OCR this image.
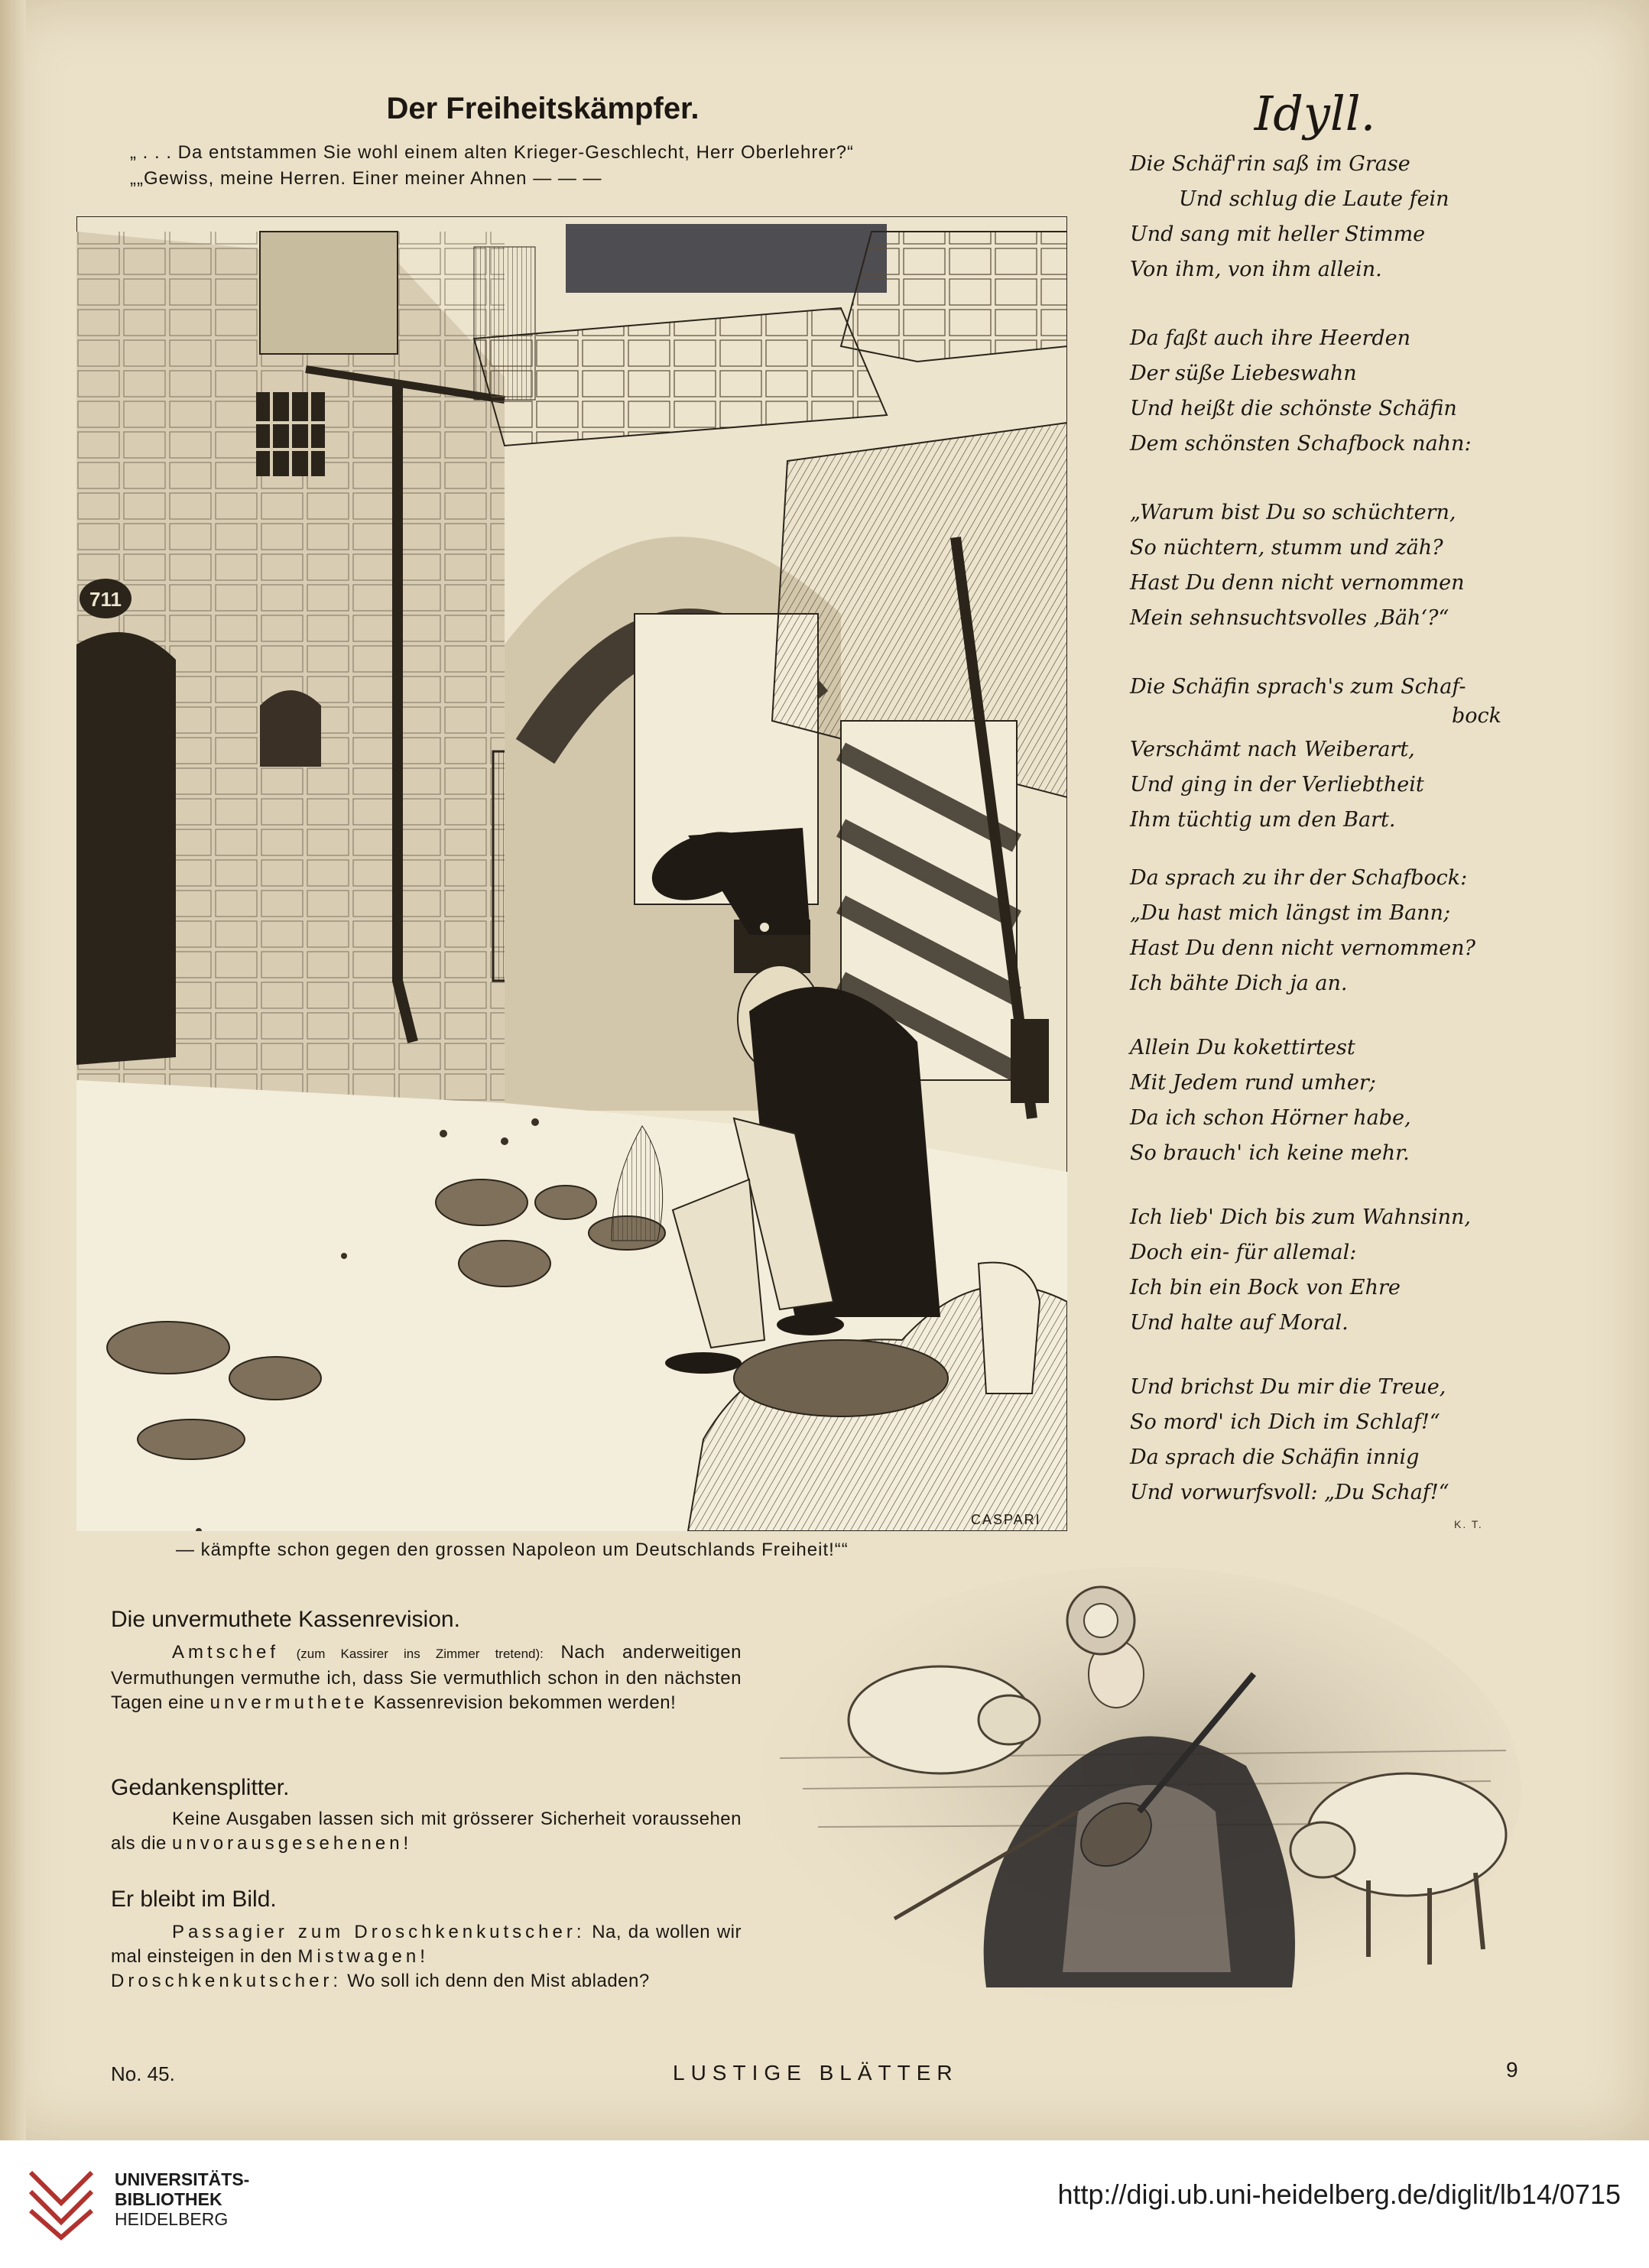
Der Freiheitskämpfer.
„ . . . Da entstammen Sie wohl einem alten Krieger-Geschlecht, Herr Oberlehrer?“
„„Gewiss, meine Herren. Einer meiner Ahnen — — —
711
CASPARI
— kämpfte schon gegen den grossen Napoleon um Deutschlands Freiheit!““
Idyll.
Die Schäf'rin saß im Grase
Und schlug die Laute fein
Und sang mit heller Stimme
Von ihm, von ihm allein.
Da faßt auch ihre Heerden
Der süße Liebeswahn
Und heißt die schönste Schäfin
Dem schönsten Schafbock nahn:
„Warum bist Du so schüchtern,
So nüchtern, stumm und zäh?
Hast Du denn nicht vernommen
Mein sehnsuchtsvolles ‚Bäh‘?“
Die Schäfin sprach's zum Schaf-
bock
Verschämt nach Weiberart,
Und ging in der Verliebtheit
Ihm tüchtig um den Bart.
Da sprach zu ihr der Schafbock:
„Du hast mich längst im Bann;
Hast Du denn nicht vernommen?
Ich bähte Dich ja an.
Allein Du kokettirtest
Mit Jedem rund umher;
Da ich schon Hörner habe,
So brauch' ich keine mehr.
Ich lieb' Dich bis zum Wahnsinn,
Doch ein- für allemal:
Ich bin ein Bock von Ehre
Und halte auf Moral.
Und brichst Du mir die Treue,
So mord' ich Dich im Schlaf!“
Da sprach die Schäfin innig
Und vorwurfsvoll: „Du Schaf!“
K. T.
Die unvermuthete Kassenrevision.
Amtschef (zum Kassirer ins Zimmer tretend): Nach anderweitigen Vermuthungen vermuthe ich, dass Sie vermuthlich schon in den nächsten Tagen eine unvermuthete Kassenrevision bekommen werden!
Gedankensplitter.
Keine Ausgaben lassen sich mit grösserer Sicherheit voraussehen als die unvorausgesehenen!
Er bleibt im Bild.
Passagier zum Droschkenkutscher: Na, da wollen wir mal einsteigen in den Mistwagen!
Droschkenkutscher: Wo soll ich denn den Mist abladen?
No. 45.	LUSTIGE BLÄTTER	9
UNIVERSITÄTS-
BIBLIOTHEK
HEIDELBERG
http://digi.ub.uni-heidelberg.de/diglit/lb14/0715
